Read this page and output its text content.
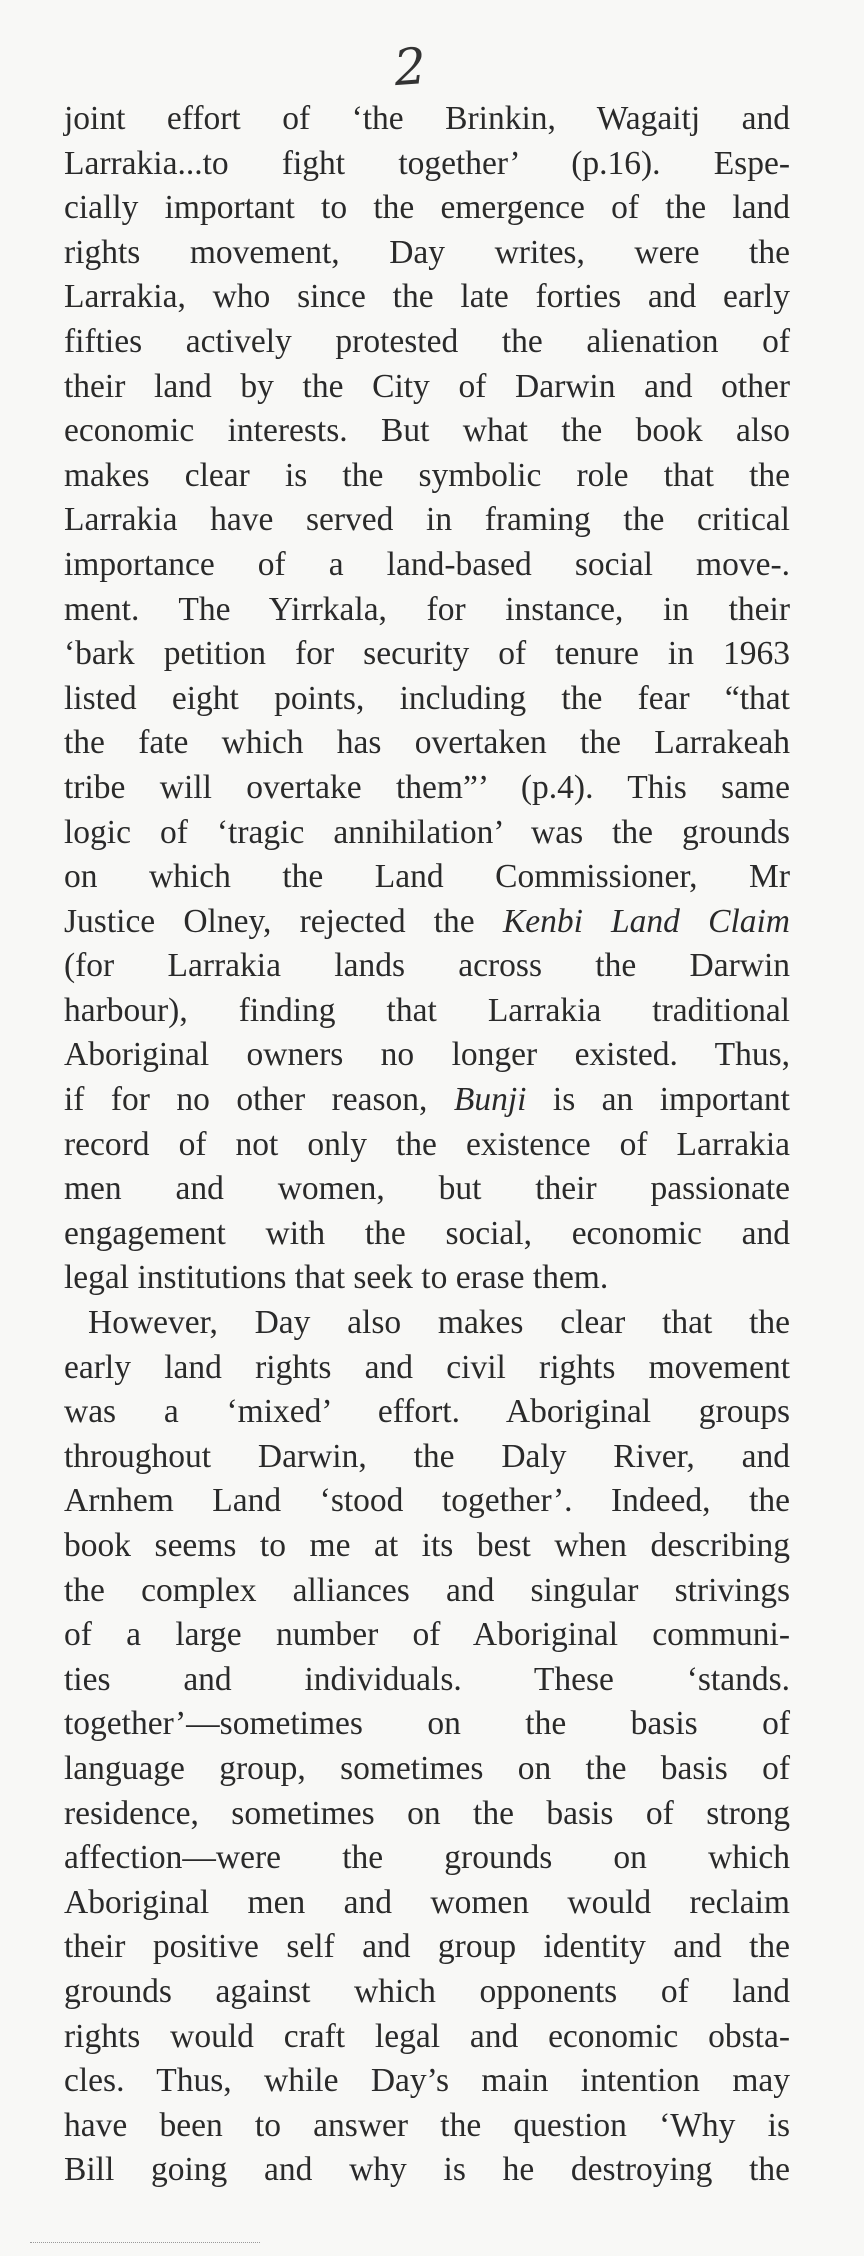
2
joint effort of ‘the Brinkin, Wagaitj and
Larrakia...to fight together’ (p.16). Espe-
cially important to the emergence of the land
rights movement, Day writes, were the
Larrakia, who since the late forties and early
fifties actively protested the alienation of
their land by the City of Darwin and other
economic interests. But what the book also
makes clear is the symbolic role that the
Larrakia have served in framing the critical
importance of a land-based social move-.
ment. The Yirrkala, for instance, in their
‘bark petition for security of tenure in 1963
listed eight points, including the fear “that
the fate which has overtaken the Larrakeah
tribe will overtake them”’ (p.4). This same
logic of ‘tragic annihilation’ was the grounds
on which the Land Commissioner, Mr
Justice Olney, rejected the Kenbi Land Claim
(for Larrakia lands across the Darwin
harbour), finding that Larrakia traditional
Aboriginal owners no longer existed. Thus,
if for no other reason, Bunji is an important
record of not only the existence of Larrakia
men and women, but their passionate
engagement with the social, economic and
legal institutions that seek to erase them.
However, Day also makes clear that the
early land rights and civil rights movement
was a ‘mixed’ effort. Aboriginal groups
throughout Darwin, the Daly River, and
Arnhem Land ‘stood together’. Indeed, the
book seems to me at its best when describing
the complex alliances and singular strivings
of a large number of Aboriginal communi-
ties and individuals. These ‘stands.
together’—sometimes on the basis of
language group, sometimes on the basis of
residence, sometimes on the basis of strong
affection—were the grounds on which
Aboriginal men and women would reclaim
their positive self and group identity and the
grounds against which opponents of land
rights would craft legal and economic obsta-
cles. Thus, while Day’s main intention may
have been to answer the question ‘Why is
Bill going and why is he destroying the
